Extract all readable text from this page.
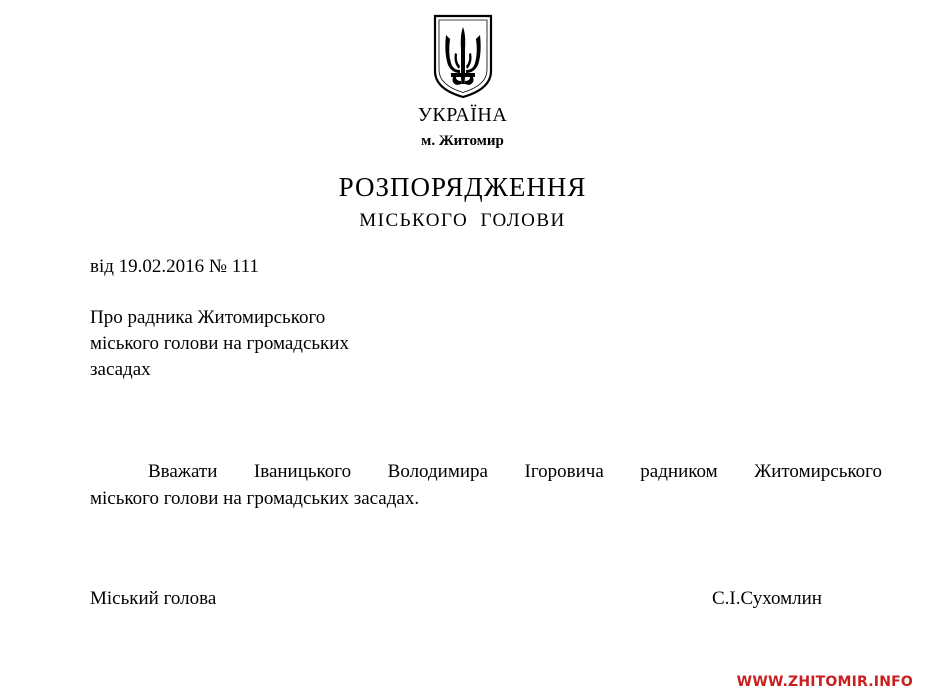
УКРАЇНА
м. Житомир
РОЗПОРЯДЖЕННЯ
МІСЬКОГО ГОЛОВИ
від 19.02.2016 № 111
Про радника Житомирського
міського голови на громадських
засадах
Вважати Іваницького Володимира Ігоровича радником Житомирського
міського голови на громадських засадах.
Міський голова	С.І.Сухомлин
WWW.ZHITOMIR.INFO
